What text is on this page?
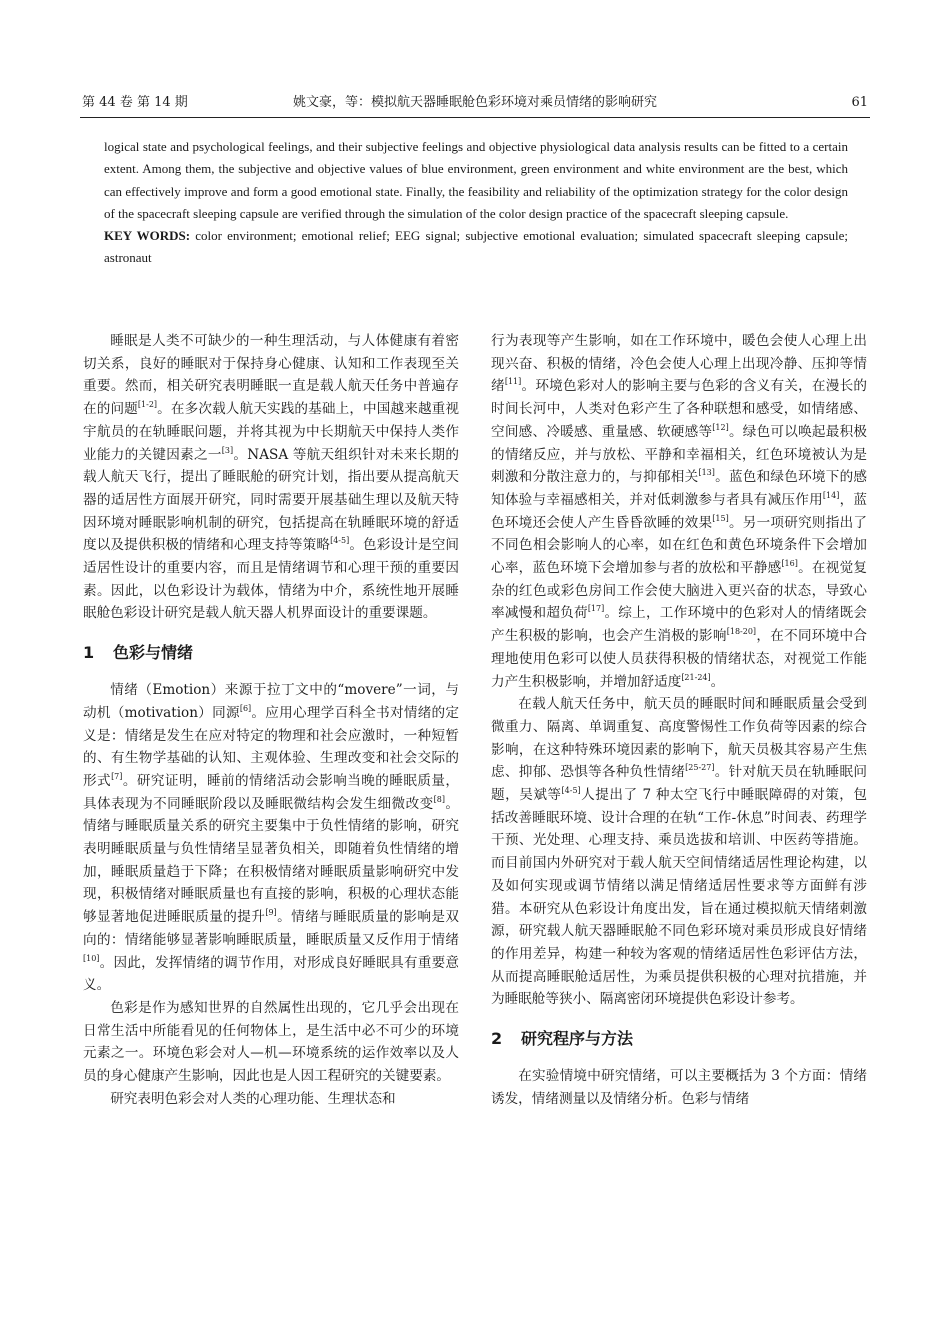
第 44 卷 第 14 期	姚文豪，等：模拟航天器睡眠舱色彩环境对乘员情绪的影响研究	61

logical state and psychological feelings, and their subjective feelings and objective physiological data analysis results can be fitted to a certain extent. Among them, the subjective and objective values of blue environment, green environment and white environment are the best, which can effectively improve and form a good emotional state. Finally, the feasibility and reliability of the optimization strategy for the color design of the spacecraft sleeping capsule are verified through the simulation of the color design practice of the spacecraft sleeping capsule.

KEY WORDS: color environment; emotional relief; EEG signal; subjective emotional evaluation; simulated spacecraft sleeping capsule; astronaut

睡眠是人类不可缺少的一种生理活动，与人体健康有着密切关系，良好的睡眠对于保持身心健康、认知和工作表现至关重要。然而，相关研究表明睡眠一直是载人航天任务中普遍存在的问题[1-2]。在多次载人航天实践的基础上，中国越来越重视宇航员的在轨睡眠问题，并将其视为中长期航天中保持人类作业能力的关键因素之一[3]。NASA 等航天组织针对未来长期的载人航天飞行，提出了睡眠舱的研究计划，指出要从提高航天器的适居性方面展开研究，同时需要开展基础生理以及航天特因环境对睡眠影响机制的研究，包括提高在轨睡眠环境的舒适度以及提供积极的情绪和心理支持等策略[4-5]。色彩设计是空间适居性设计的重要内容，而且是情绪调节和心理干预的重要因素。因此，以色彩设计为载体，情绪为中介，系统性地开展睡眠舱色彩设计研究是载人航天器人机界面设计的重要课题。

1 色彩与情绪

情绪（Emotion）来源于拉丁文中的“movere”一词，与动机（motivation）同源[6]。应用心理学百科全书对情绪的定义是：情绪是发生在应对特定的物理和社会应激时，一种短暂的、有生物学基础的认知、主观体验、生理改变和社会交际的形式[7]。研究证明，睡前的情绪活动会影响当晚的睡眠质量，具体表现为不同睡眠阶段以及睡眠微结构会发生细微改变[8]。情绪与睡眠质量关系的研究主要集中于负性情绪的影响，研究表明睡眠质量与负性情绪呈显著负相关，即随着负性情绪的增加，睡眠质量趋于下降；在积极情绪对睡眠质量影响研究中发现，积极情绪对睡眠质量也有直接的影响，积极的心理状态能够显著地促进睡眠质量的提升[9]。情绪与睡眠质量的影响是双向的：情绪能够显著影响睡眠质量，睡眠质量又反作用于情绪[10]。因此，发挥情绪的调节作用，对形成良好睡眠具有重要意义。

色彩是作为感知世界的自然属性出现的，它几乎会出现在日常生活中所能看见的任何物体上，是生活中必不可少的环境元素之一。环境色彩会对人—机—环境系统的运作效率以及人员的身心健康产生影响，因此也是人因工程研究的关键要素。

研究表明色彩会对人类的心理功能、生理状态和

行为表现等产生影响，如在工作环境中，暖色会使人心理上出现兴奋、积极的情绪，冷色会使人心理上出现冷静、压抑等情绪[11]。环境色彩对人的影响主要与色彩的含义有关，在漫长的时间长河中，人类对色彩产生了各种联想和感受，如情绪感、空间感、冷暖感、重量感、软硬感等[12]。绿色可以唤起最积极的情绪反应，并与放松、平静和幸福相关，红色环境被认为是刺激和分散注意力的，与抑郁相关[13]。蓝色和绿色环境下的感知体验与幸福感相关，并对低刺激参与者具有减压作用[14]，蓝色环境还会使人产生昏昏欲睡的效果[15]。另一项研究则指出了不同色相会影响人的心率，如在红色和黄色环境条件下会增加心率，蓝色环境下会增加参与者的放松和平静感[16]。在视觉复杂的红色或彩色房间工作会使大脑进入更兴奋的状态，导致心率减慢和超负荷[17]。综上，工作环境中的色彩对人的情绪既会产生积极的影响，也会产生消极的影响[18-20]，在不同环境中合理地使用色彩可以使人员获得积极的情绪状态，对视觉工作能力产生积极影响，并增加舒适度[21-24]。

在载人航天任务中，航天员的睡眠时间和睡眠质量会受到微重力、隔离、单调重复、高度警惕性工作负荷等因素的综合影响，在这种特殊环境因素的影响下，航天员极其容易产生焦虑、抑郁、恐惧等各种负性情绪[25-27]。针对航天员在轨睡眠问题，吴斌等[4-5]人提出了 7 种太空飞行中睡眠障碍的对策，包括改善睡眠环境、设计合理的在轨“工作-休息”时间表、药理学干预、光处理、心理支持、乘员选拔和培训、中医药等措施。而目前国内外研究对于载人航天空间情绪适居性理论构建，以及如何实现或调节情绪以满足情绪适居性要求等方面鲜有涉猎。本研究从色彩设计角度出发，旨在通过模拟航天情绪刺激源，研究载人航天器睡眠舱不同色彩环境对乘员形成良好情绪的作用差异，构建一种较为客观的情绪适居性色彩评估方法，从而提高睡眠舱适居性，为乘员提供积极的心理对抗措施，并为睡眠舱等狭小、隔离密闭环境提供色彩设计参考。

2 研究程序与方法

在实验情境中研究情绪，可以主要概括为 3 个方面：情绪诱发，情绪测量以及情绪分析。色彩与情绪
